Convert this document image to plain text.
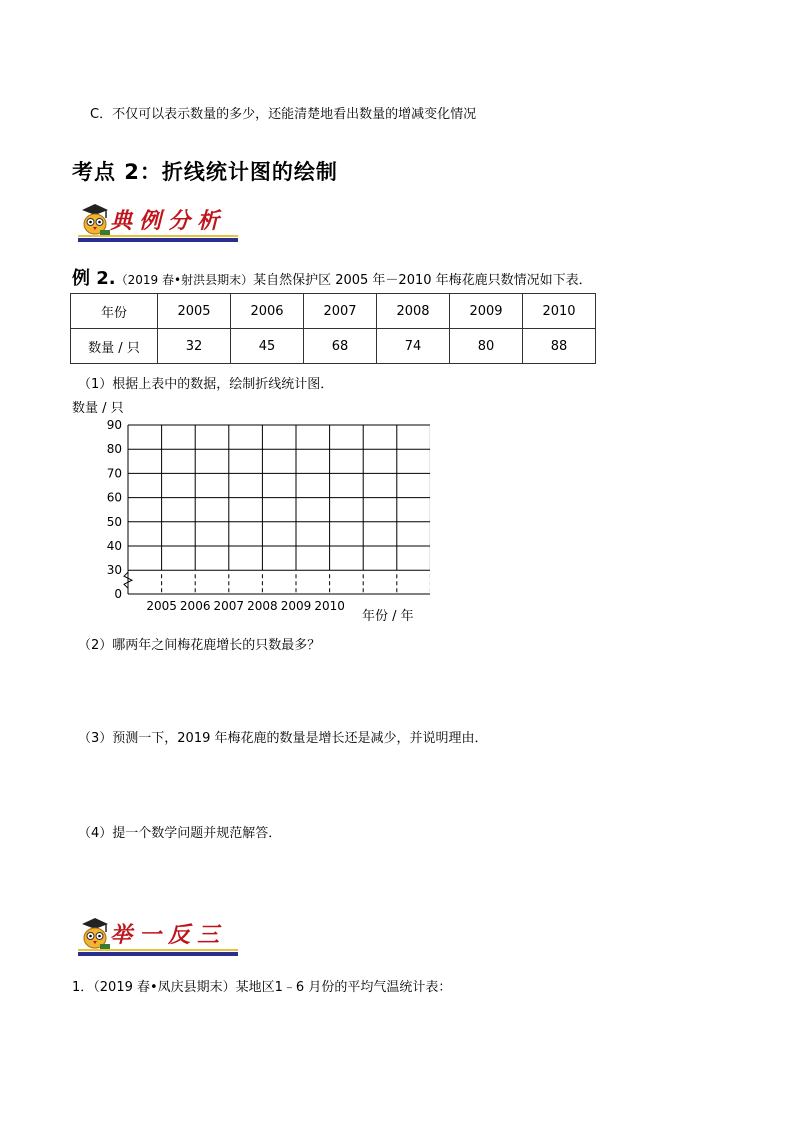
C．不仅可以表示数量的多少，还能清楚地看出数量的增减变化情况
考点 2：折线统计图的绘制
典例分析
例 2.（2019 春•射洪县期末）某自然保护区 2005 年－2010 年梅花鹿只数情况如下表．
年份	2005	2006	2007	2008	2009	2010
数量 / 只	32	45	68	74	80	88
（1）根据上表中的数据，绘制折线统计图．
数量 / 只
年份 / 年
90
80
70
60
50
40
30
0
2005 2006 2007 2008 2009 2010
（2）哪两年之间梅花鹿增长的只数最多？
（3）预测一下，2019 年梅花鹿的数量是增长还是减少，并说明理由．
（4）提一个数学问题并规范解答．
举一反三
1．（2019 春•凤庆县期末）某地区1﹣6 月份的平均气温统计表：
